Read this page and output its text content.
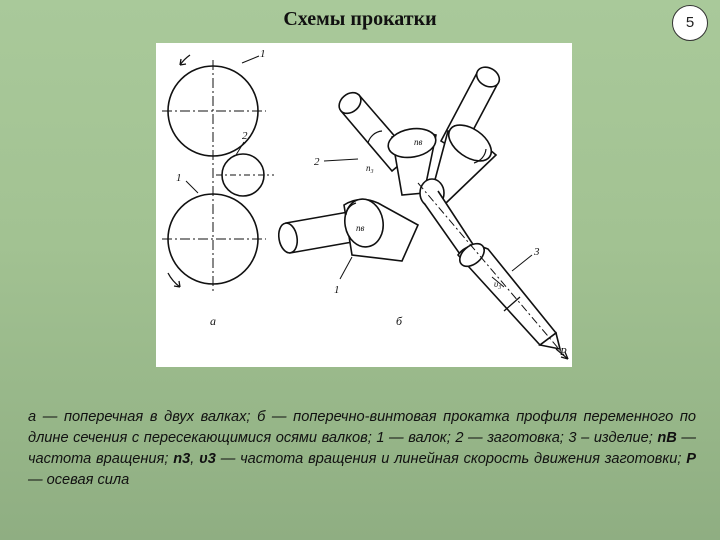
Схемы прокатки	5
1
2
1
а
2
1
3
P
nв
n₃
nв
υ₃
б
а — поперечная в двух валках; б — поперечно-винтовая прокатка профиля переменного по длине сечения с пересекающимися осями валков; 1 — валок; 2 — заготовка; 3 – изделие; nВ — частота вращения; n3, υ3 — частота вращения и линейная скорость движения заготовки; P — осевая сила
